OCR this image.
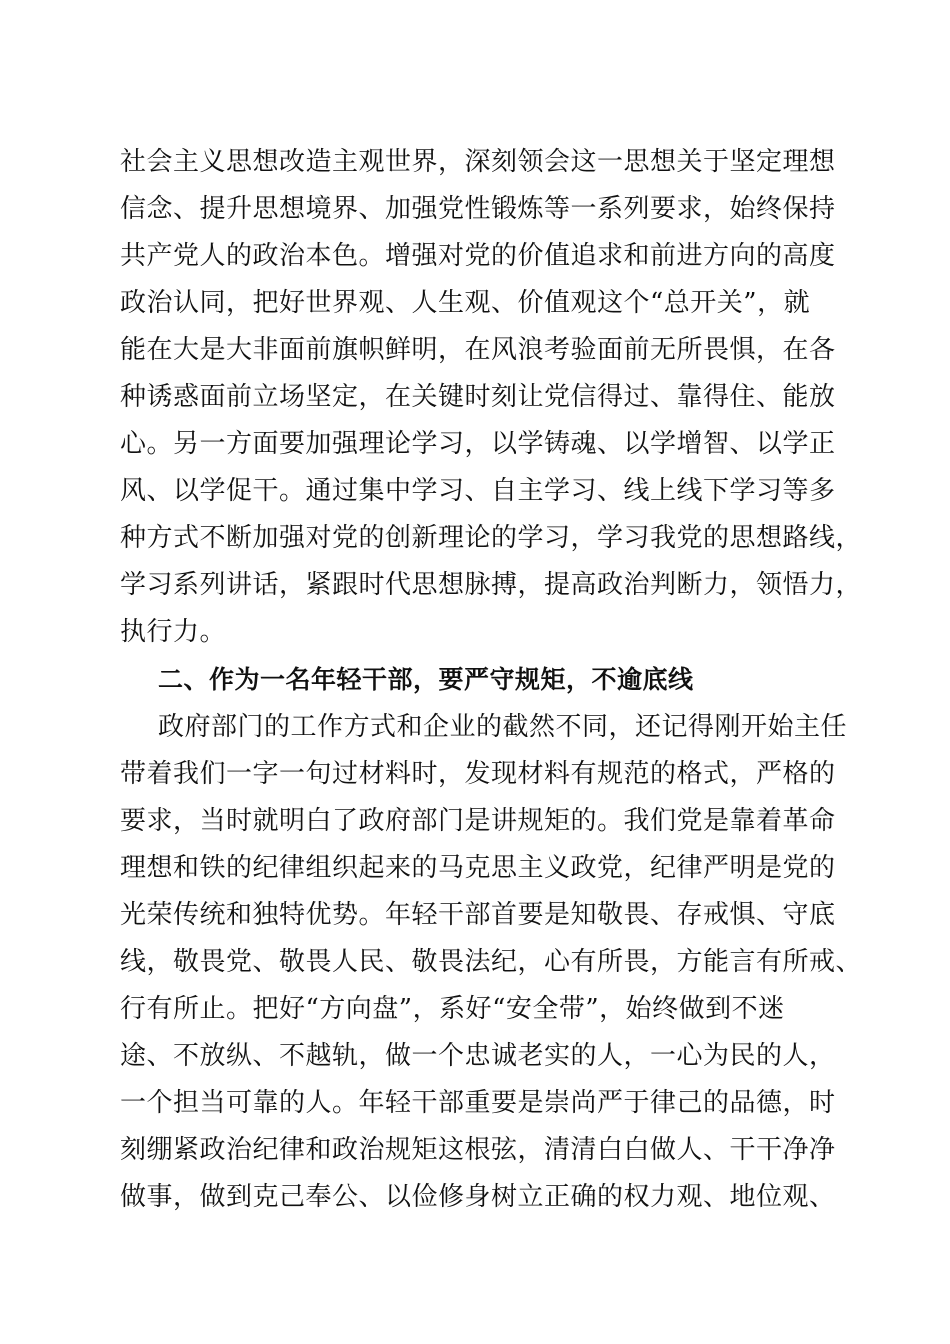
社会主义思想改造主观世界，深刻领会这一思想关于坚定理想
信念、提升思想境界、加强党性锻炼等一系列要求，始终保持
共产党人的政治本色。增强对党的价值追求和前进方向的高度
政治认同，把好世界观、人生观、价值观这个“总开关”，就
能在大是大非面前旗帜鲜明，在风浪考验面前无所畏惧，在各
种诱惑面前立场坚定，在关键时刻让党信得过、靠得住、能放
心。另一方面要加强理论学习，以学铸魂、以学增智、以学正
风、以学促干。通过集中学习、自主学习、线上线下学习等多
种方式不断加强对党的创新理论的学习，学习我党的思想路线，
学习系列讲话，紧跟时代思想脉搏，提高政治判断力，领悟力，
执行力。
二、作为一名年轻干部，要严守规矩，不逾底线
政府部门的工作方式和企业的截然不同，还记得刚开始主任
带着我们一字一句过材料时，发现材料有规范的格式，严格的
要求，当时就明白了政府部门是讲规矩的。我们党是靠着革命
理想和铁的纪律组织起来的马克思主义政党，纪律严明是党的
光荣传统和独特优势。年轻干部首要是知敬畏、存戒惧、守底
线，敬畏党、敬畏人民、敬畏法纪，心有所畏，方能言有所戒、
行有所止。把好“方向盘”，系好“安全带”，始终做到不迷
途、不放纵、不越轨，做一个忠诚老实的人，一心为民的人，
一个担当可靠的人。年轻干部重要是崇尚严于律己的品德，时
刻绷紧政治纪律和政治规矩这根弦，清清白白做人、干干净净
做事，做到克己奉公、以俭修身树立正确的权力观、地位观、
